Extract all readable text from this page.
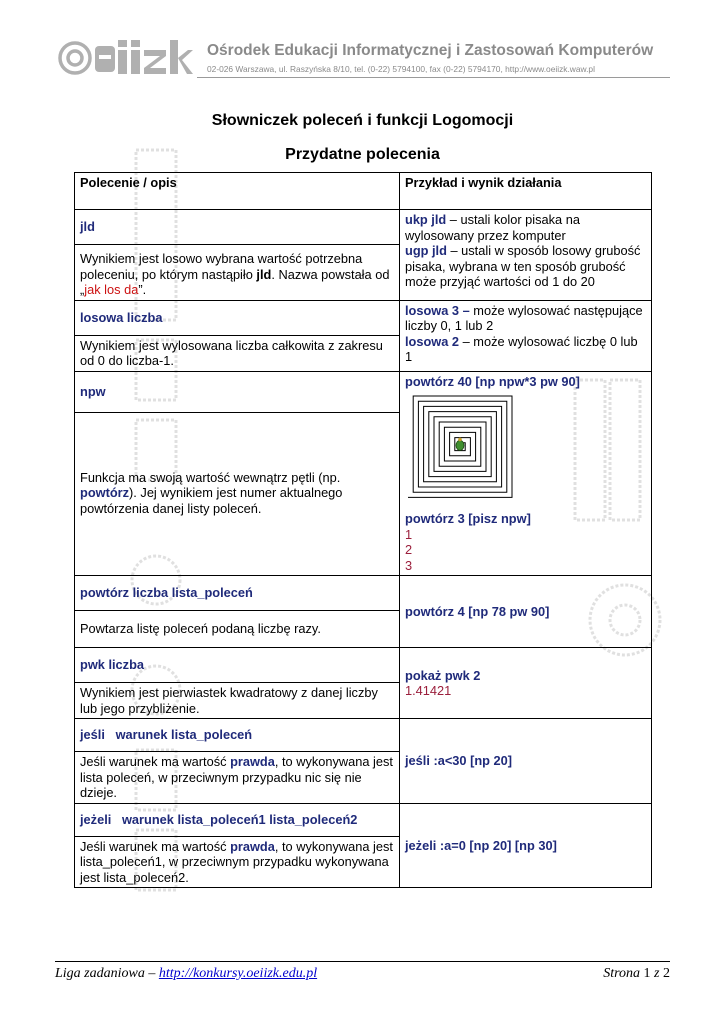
Ośrodek Edukacji Informatycznej i Zastosowań Komputerów
02-026 Warszawa, ul. Raszyńska 8/10, tel. (0-22) 5794100, fax (0-22) 5794170, http://www.oeiizk.waw.pl
Słowniczek poleceń i funkcji Logomocji
Przydatne polecenia
Polecenie / opis	Przykład i wynik działania
jld	ukp jld – ustali kolor pisaka na wylosowany przez komputer
ugp jld – ustali w sposób losowy grubość pisaka, wybrana w ten sposób grubość może przyjąć wartości od 1 do 20
Wynikiem jest losowo wybrana wartość potrzebna poleceniu, po którym nastąpiło jld. Nazwa powstała od „jak los da”.	
losowa liczba	losowa 3 – może wylosować następujące liczby 0, 1 lub 2
losowa 2 – może wylosować liczbę 0 lub 1
Wynikiem jest wylosowana liczba całkowita z zakresu od 0 do liczba-1.	
npw	powtórz 40 [np npw*3 pw 90]

powtórz 3 [pisz npw]
1
2
3
Funkcja ma swoją wartość wewnątrz pętli (np. powtórz). Jej wynikiem jest numer aktualnego powtórzenia danej listy poleceń.	
powtórz liczba lista_poleceń	powtórz 4 [np 78 pw 90]
Powtarza listę poleceń podaną liczbę razy.	
pwk liczba	pokaż pwk 2
1.41421
Wynikiem jest pierwiastek kwadratowy z danej liczby lub jego przybliżenie.	
jeśli   warunek lista_poleceń	jeśli :a<30 [np 20]
Jeśli warunek ma wartość prawda, to wykonywana jest lista poleceń, w przeciwnym przypadku nic się nie dzieje.	
jeżeli   warunek lista_poleceń1 lista_poleceń2	jeżeli :a=0 [np 20] [np 30]
Jeśli warunek ma wartość prawda, to wykonywana jest lista_poleceń1, w przeciwnym przypadku wykonywana jest lista_poleceń2.	
Liga zadaniowa – http://konkursy.oeiizk.edu.pl	Strona 1 z 2
